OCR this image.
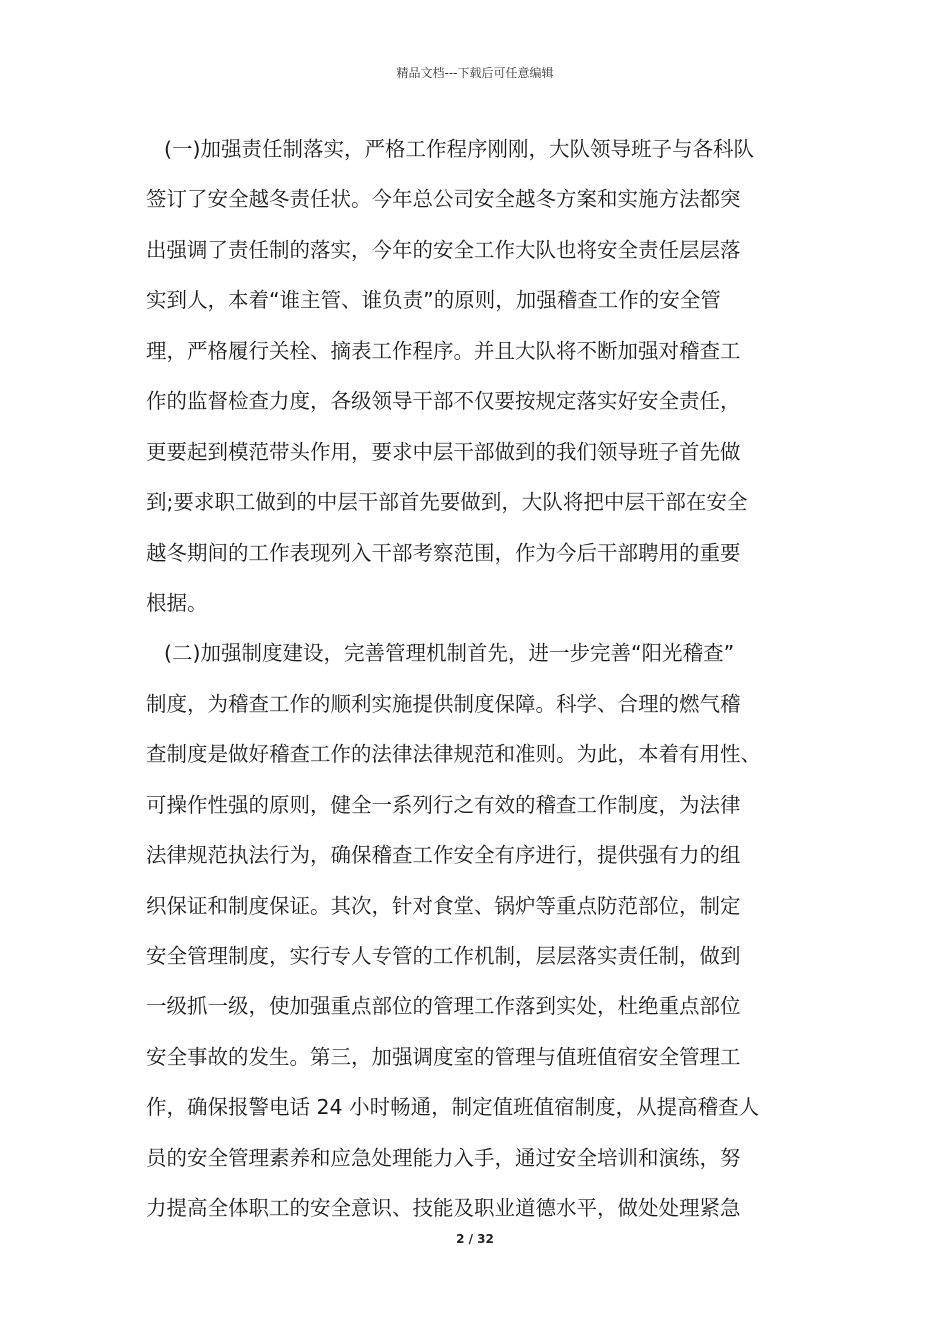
精品文档---下载后可任意编辑
(一)加强责任制落实，严格工作程序刚刚，大队领导班子与各科队
签订了安全越冬责任状。今年总公司安全越冬方案和实施方法都突
出强调了责任制的落实，今年的安全工作大队也将安全责任层层落
实到人，本着“谁主管、谁负责”的原则，加强稽查工作的安全管
理，严格履行关栓、摘表工作程序。并且大队将不断加强对稽查工
作的监督检查力度，各级领导干部不仅要按规定落实好安全责任，
更要起到模范带头作用，要求中层干部做到的我们领导班子首先做
到;要求职工做到的中层干部首先要做到，大队将把中层干部在安全
越冬期间的工作表现列入干部考察范围，作为今后干部聘用的重要
根据。
(二)加强制度建设，完善管理机制首先，进一步完善“阳光稽查”
制度，为稽查工作的顺利实施提供制度保障。科学、合理的燃气稽
查制度是做好稽查工作的法律法律规范和准则。为此，本着有用性、
可操作性强的原则，健全一系列行之有效的稽查工作制度，为法律
法律规范执法行为，确保稽查工作安全有序进行，提供强有力的组
织保证和制度保证。其次，针对食堂、锅炉等重点防范部位，制定
安全管理制度，实行专人专管的工作机制，层层落实责任制，做到
一级抓一级，使加强重点部位的管理工作落到实处，杜绝重点部位
安全事故的发生。第三，加强调度室的管理与值班值宿安全管理工
作，确保报警电话 24 小时畅通，制定值班值宿制度，从提高稽查人
员的安全管理素养和应急处理能力入手，通过安全培训和演练，努
力提高全体职工的安全意识、技能及职业道德水平，做处处理紧急
2 / 32
